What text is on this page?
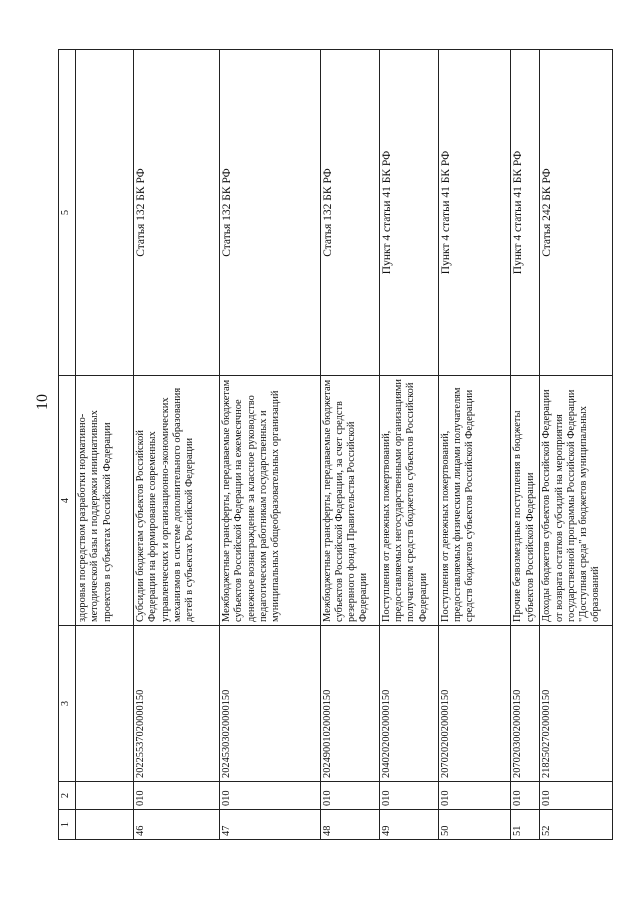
10
1	2	3	4	5
			здоровья посредством разработки нормативно-методической базы и поддержки инициативных проектов в субъектах Российской Федерации	
46	010	20225537020000150	Субсидии бюджетам субъектов Российской Федерации на формирование современных управленческих и организационно-экономических механизмов в системе дополнительного образования детей в субъектах Российской Федерации	Статья 132 БК РФ
47	010	20245303020000150	Межбюджетные трансферты, передаваемые бюджетам субъектов Российской Федерации на ежемесячное денежное вознаграждение за классное руководство педагогическим работникам государственных и муниципальных общеобразовательных организаций	Статья 132 БК РФ
48	010	20249001020000150	Межбюджетные трансферты, передаваемые бюджетам субъектов Российской Федерации, за счет средств резервного фонда Правительства Российской Федерации	Статья 132 БК РФ
49	010	20402020020000150	Поступления от денежных пожертвований, предоставляемых негосударственными организациями получателям средств бюджетов субъектов Российской Федерации	Пункт 4 статьи 41 БК РФ
50	010	20702020020000150	Поступления от денежных пожертвований, предоставляемых физическими лицами получателям средств бюджетов субъектов Российской Федерации	Пункт 4 статьи 41 БК РФ
51	010	20702030020000150	Прочие безвозмездные поступления в бюджеты субъектов Российской Федерации	Пункт 4 статьи 41 БК РФ
52	010	21825027020000150	Доходы бюджетов субъектов Российской Федерации от возврата остатков субсидий на мероприятия государственной программы Российской Федерации "Доступная среда" из бюджетов муниципальных образований	Статья 242 БК РФ
